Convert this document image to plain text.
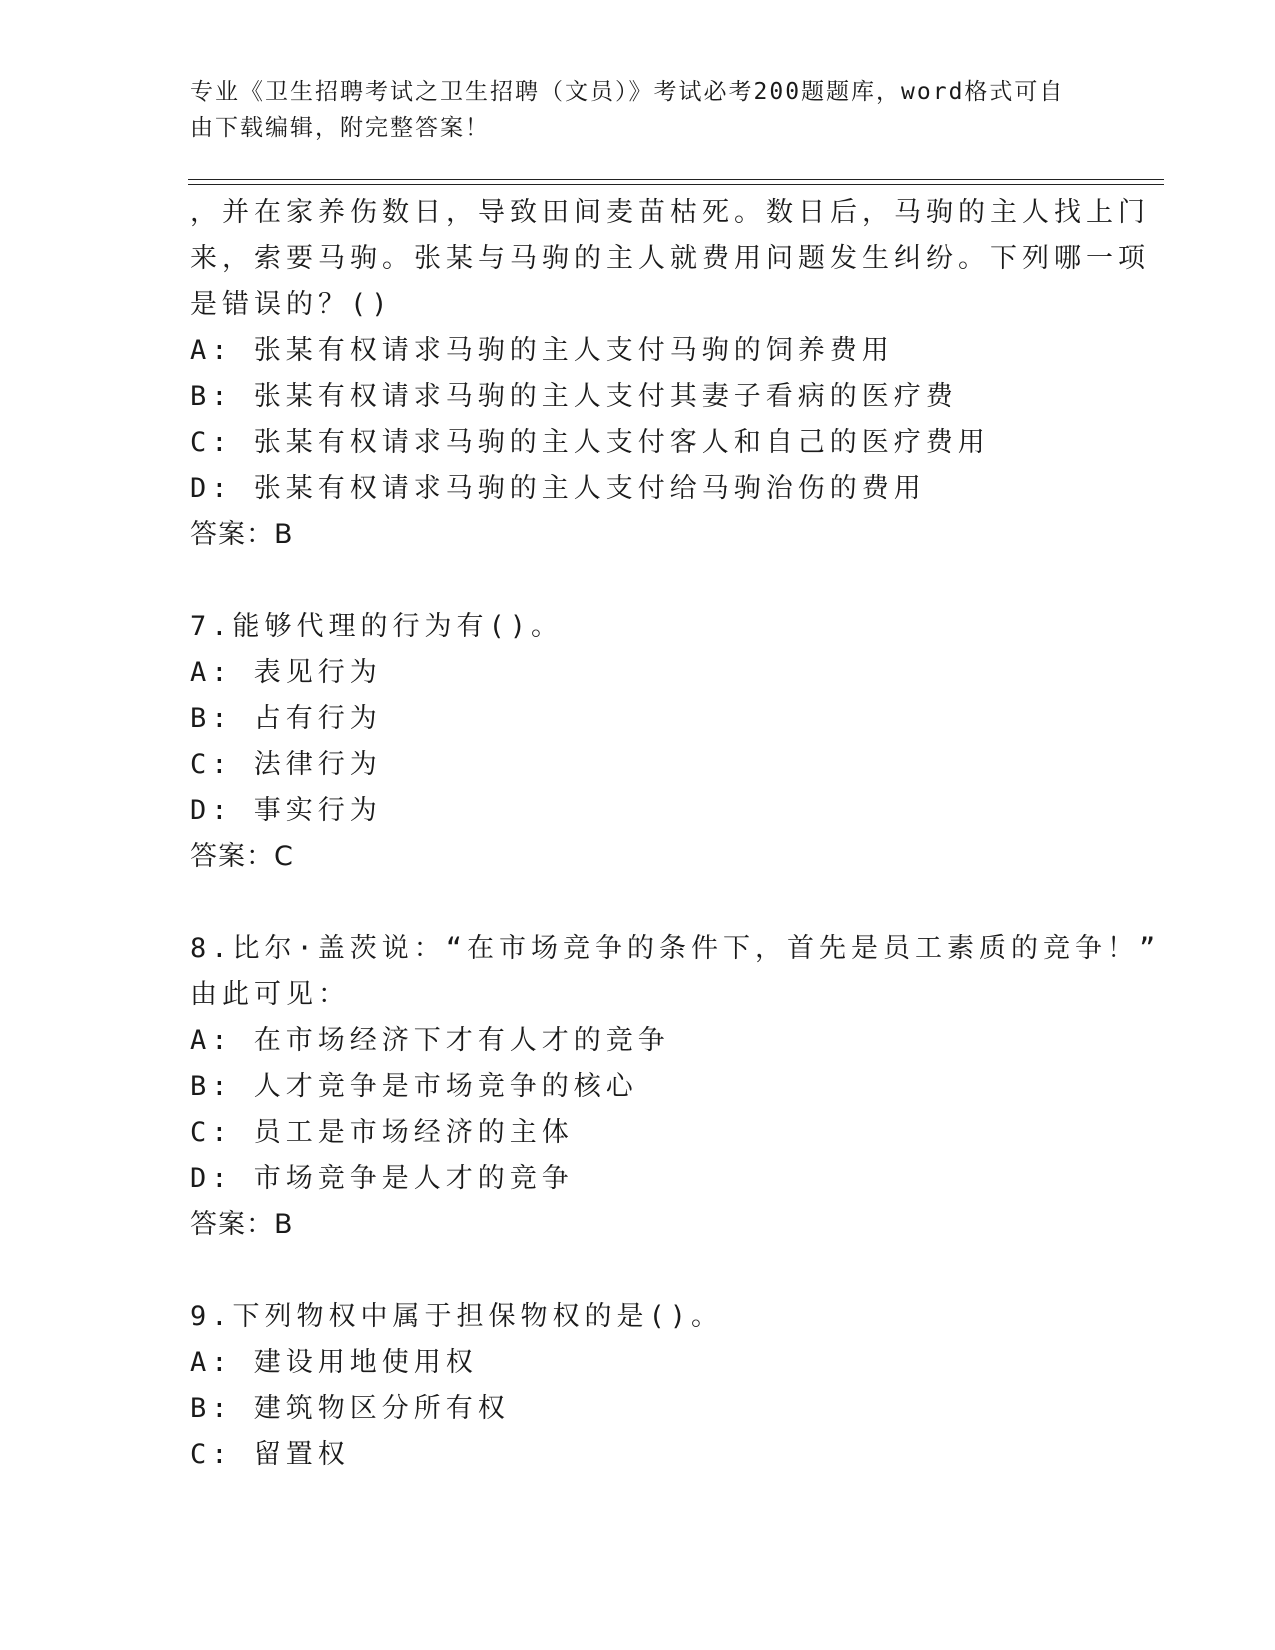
专业《卫生招聘考试之卫生招聘（文员）》考试必考200题题库，word格式可自
由下载编辑，附完整答案！
，并在家养伤数日，导致田间麦苗枯死。数日后，马驹的主人找上门
来，索要马驹。张某与马驹的主人就费用问题发生纠纷。下列哪一项
是错误的？()
A: 张某有权请求马驹的主人支付马驹的饲养费用
B: 张某有权请求马驹的主人支付其妻子看病的医疗费
C: 张某有权请求马驹的主人支付客人和自己的医疗费用
D: 张某有权请求马驹的主人支付给马驹治伤的费用
答案：B
7.能够代理的行为有()。
A: 表见行为
B: 占有行为
C: 法律行为
D: 事实行为
答案：C
8.比尔·盖茨说：“在市场竞争的条件下，首先是员工素质的竞争！”
由此可见：
A: 在市场经济下才有人才的竞争
B: 人才竞争是市场竞争的核心
C: 员工是市场经济的主体
D: 市场竞争是人才的竞争
答案：B
9.下列物权中属于担保物权的是()。
A: 建设用地使用权
B: 建筑物区分所有权
C: 留置权
